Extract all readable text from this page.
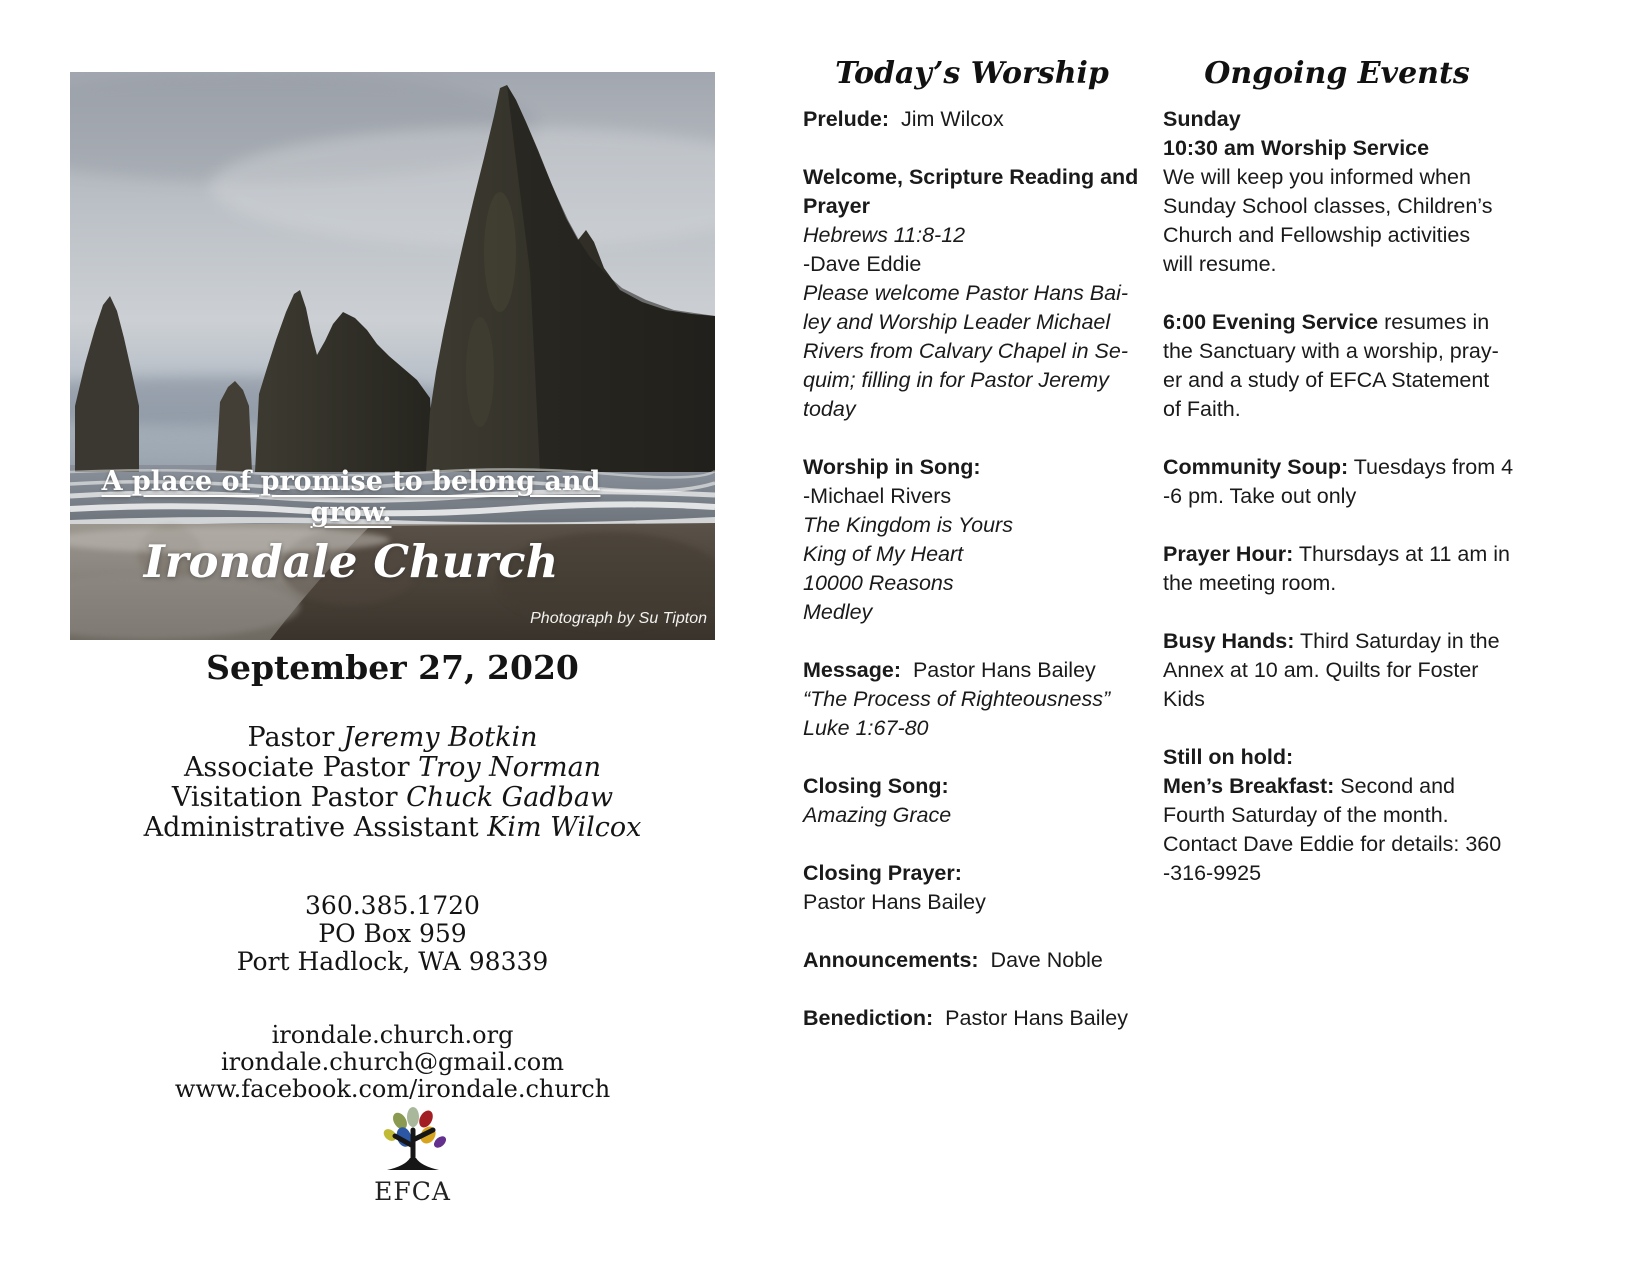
A place of promise to belong and grow.
Irondale Church
Photograph by Su Tipton
September 27, 2020
Pastor Jeremy Botkin
Associate Pastor Troy Norman
Visitation Pastor Chuck Gadbaw
Administrative Assistant Kim Wilcox
360.385.1720
PO Box 959
Port Hadlock, WA 98339
irondale.church.org
irondale.church@gmail.com
www.facebook.com/irondale.church
EFCA
Today’s Worship
Prelude:  Jim Wilcox
Welcome, Scripture Reading and
Prayer
Hebrews 11:8-12
-Dave Eddie
Please welcome Pastor Hans Bai-
ley and Worship Leader Michael
Rivers from Calvary Chapel in Se-
quim; filling in for Pastor Jeremy
today
Worship in Song:
-Michael Rivers
The Kingdom is Yours
King of My Heart
10000 Reasons
Medley
Message:  Pastor Hans Bailey
“The Process of Righteousness”
Luke 1:67-80
Closing Song:
Amazing Grace
Closing Prayer:
Pastor Hans Bailey
Announcements:  Dave Noble
Benediction:  Pastor Hans Bailey
Ongoing Events
Sunday
10:30 am Worship Service
We will keep you informed when
Sunday School classes, Children’s
Church and Fellowship activities
will resume.
6:00 Evening Service resumes in
the Sanctuary with a worship, pray-
er and a study of EFCA Statement
of Faith.
Community Soup: Tuesdays from 4
-6 pm. Take out only
Prayer Hour: Thursdays at 11 am in
the meeting room.
Busy Hands: Third Saturday in the
Annex at 10 am. Quilts for Foster
Kids
Still on hold:
Men’s Breakfast: Second and
Fourth Saturday of the month.
Contact Dave Eddie for details: 360
-316-9925
